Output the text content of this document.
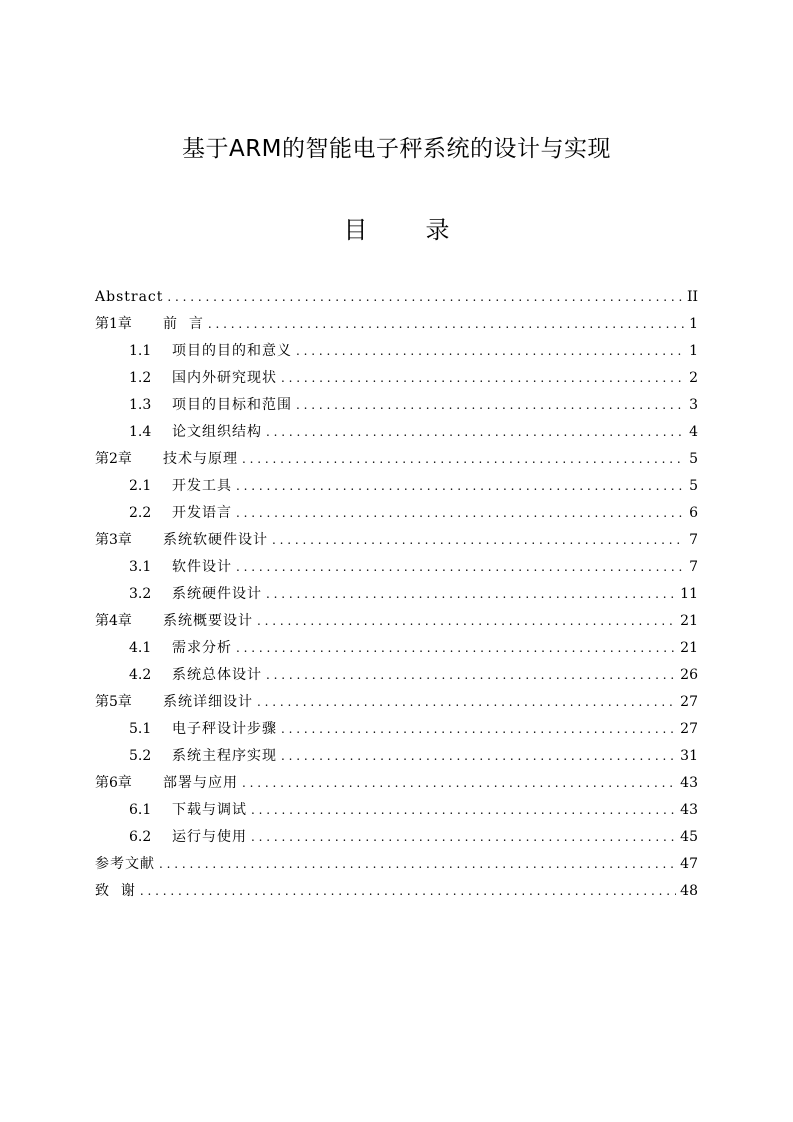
基于ARM的智能电子秤系统的设计与实现
目录
Abstract . . .	II
第1章	前  言 . . .	1
1.1	项目的目的和意义 . . .	1
1.2	国内外研究现状 . . .	2
1.3	项目的目标和范围 . . .	3
1.4	论文组织结构 . . .	4
第2章	技术与原理 . . .	5
2.1	开发工具 . . .	5
2.2	开发语言 . . .	6
第3章	系统软硬件设计 . . .	7
3.1	软件设计 . . .	7
3.2	系统硬件设计 . . .	11
第4章	系统概要设计 . . .	21
4.1	需求分析 . . .	21
4.2	系统总体设计 . . .	26
第5章	系统详细设计 . . .	27
5.1	电子秤设计步骤 . . .	27
5.2	系统主程序实现 . . .	31
第6章	部署与应用 . . .	43
6.1	下载与调试 . . .	43
6.2	运行与使用 . . .	45
参考文献 . . .	47
致  谢 . . .	48
